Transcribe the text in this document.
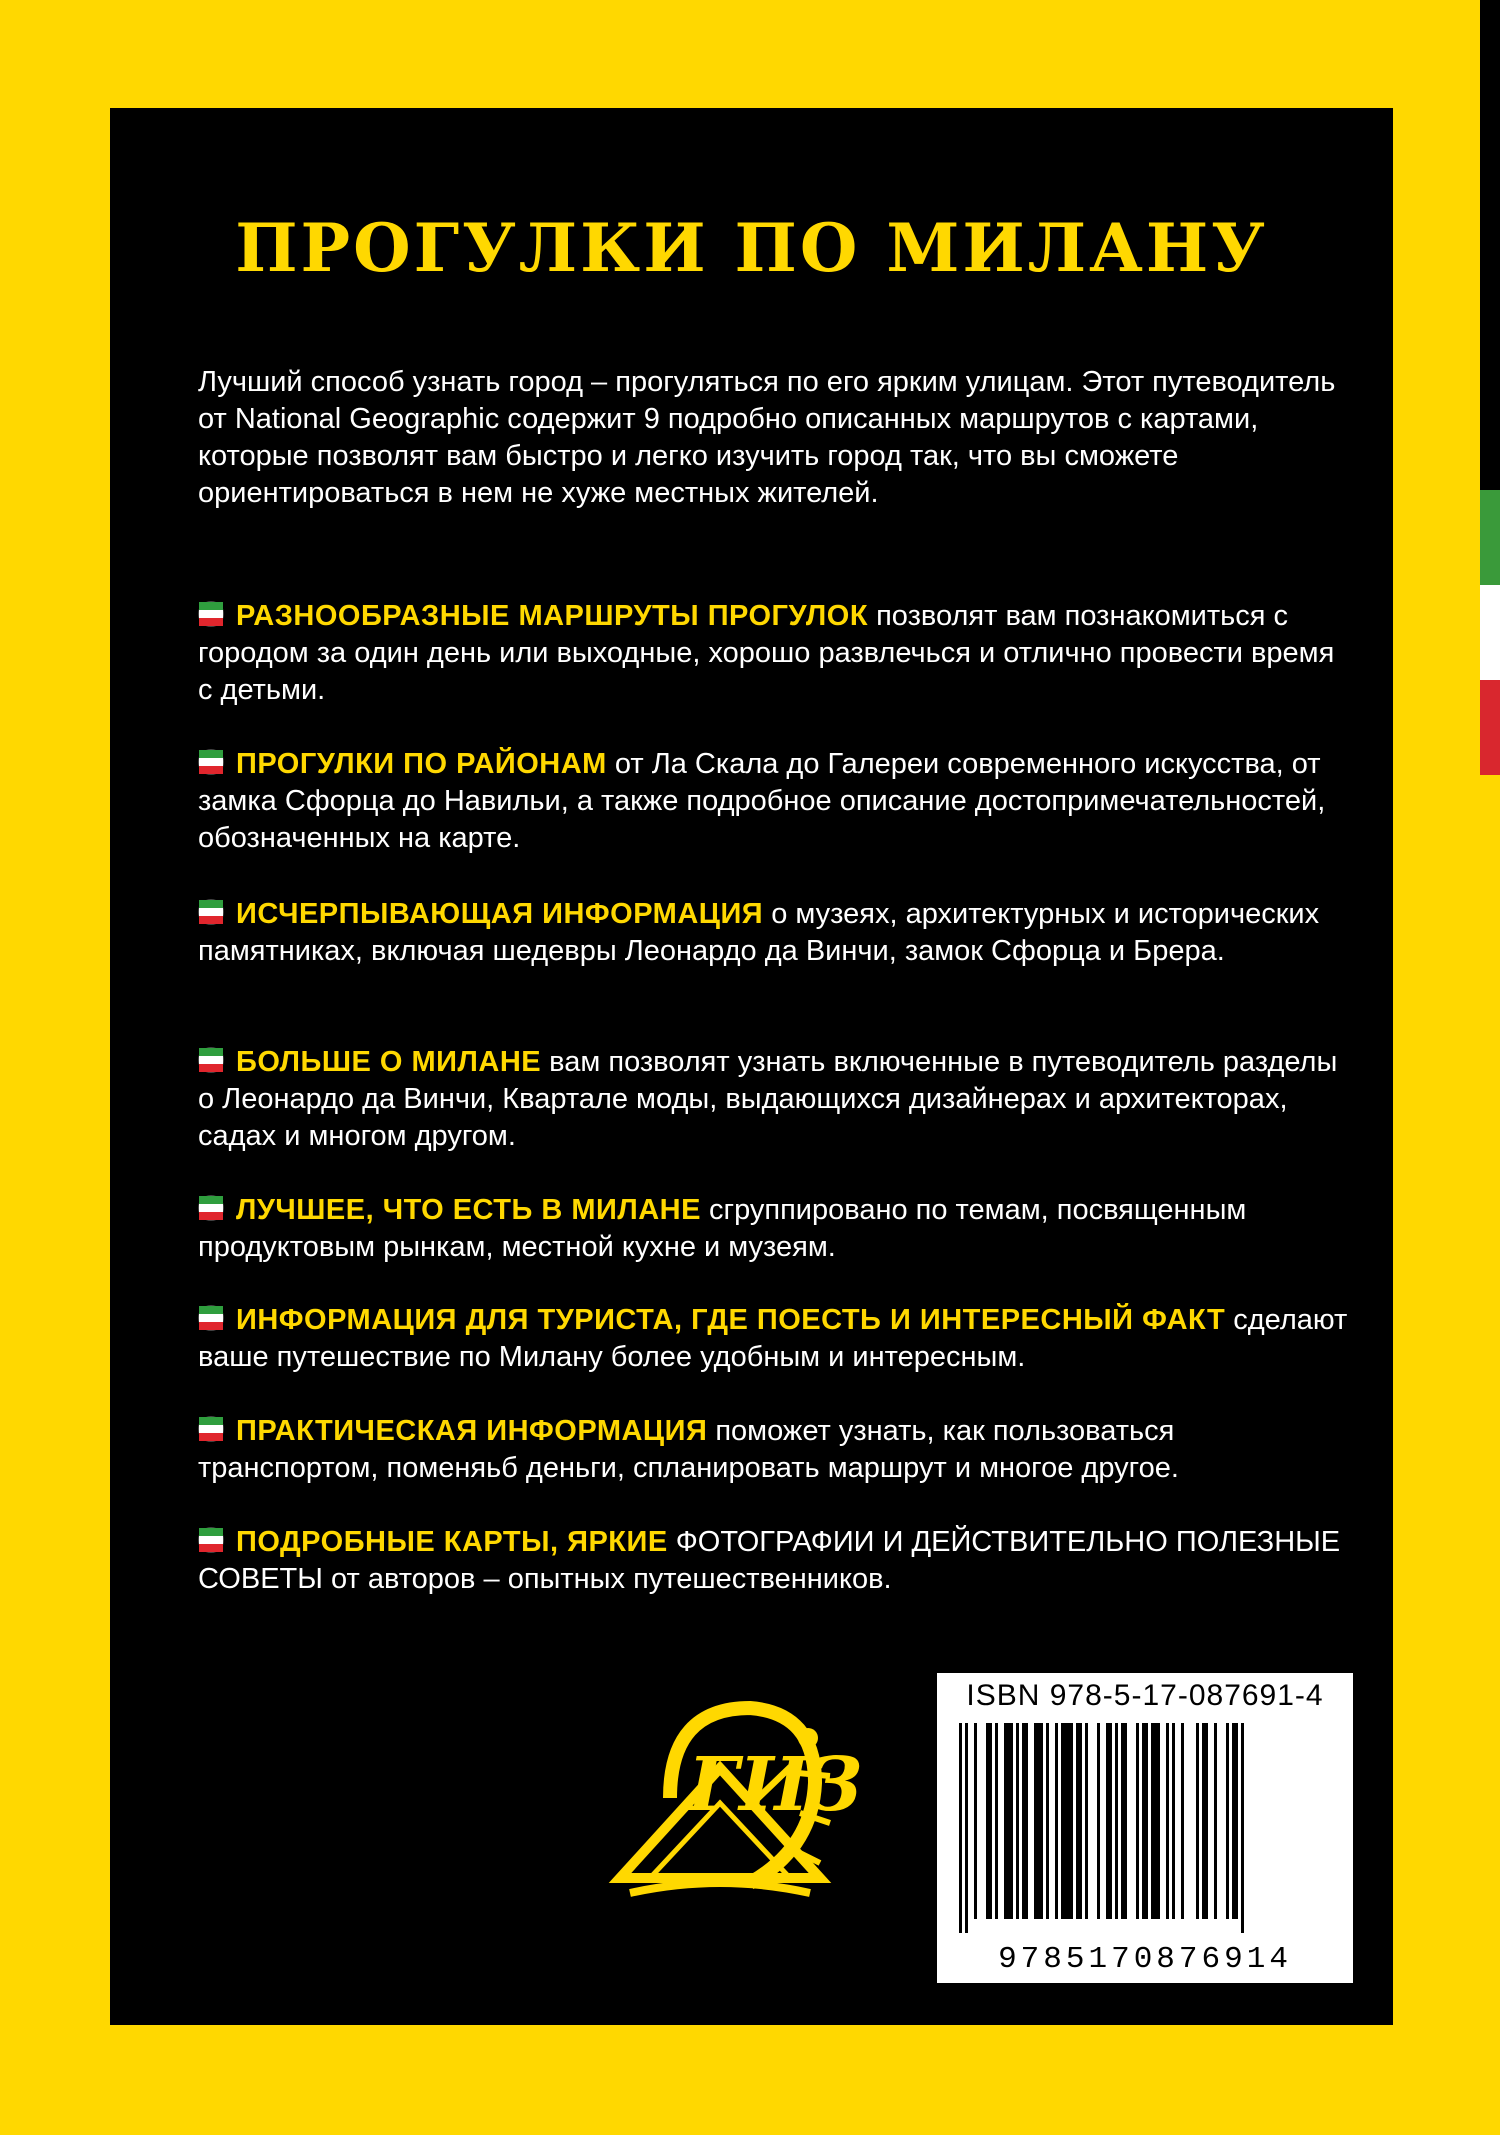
ПРОГУЛКИ ПО МИЛАНУ

Лучший способ узнать город – прогуляться по его ярким улицам. Этот путеводитель от National Geographic содержит 9 подробно описанных маршрутов с картами, которые позволят вам быстро и легко изучить город так, что вы сможете ориентироваться в нем не хуже местных жителей.

РАЗНООБРАЗНЫЕ МАРШРУТЫ ПРОГУЛОК позволят вам познакомиться с городом за один день или выходные, хорошо развлечься и отлично провести время с детьми.

ПРОГУЛКИ ПО РАЙОНАМ от Ла Скала до Галереи современного искусства, от замка Сфорца до Навильи, а также подробное описание достопримечательностей, обозначенных на карте.

ИСЧЕРПЫВАЮЩАЯ ИНФОРМАЦИЯ о музеях, архитектурных и исторических памятниках, включая шедевры Леонардо да Винчи, замок Сфорца и Брера.

БОЛЬШЕ О МИЛАНЕ вам позволят узнать включенные в путеводитель разделы о Леонардо да Винчи, Квартале моды, выдающихся дизайнерах и архитекторах, садах и многом другом.

ЛУЧШЕЕ, ЧТО ЕСТЬ В МИЛАНЕ сгруппировано по темам, посвященным продуктовым рынкам, местной кухне и музеям.

ИНФОРМАЦИЯ ДЛЯ ТУРИСТА, ГДЕ ПОЕСТЬ И ИНТЕРЕСНЫЙ ФАКТ сделают ваше путешествие по Милану более удобным и интересным.

ПРАКТИЧЕСКАЯ ИНФОРМАЦИЯ поможет узнать, как пользоваться транспортом, поменяьб деньги, спланировать маршрут и многое другое.

ПОДРОБНЫЕ КАРТЫ, ЯРКИЕ ФОТОГРАФИИ И ДЕЙСТВИТЕЛЬНО ПОЛЕЗНЫЕ СОВЕТЫ от авторов – опытных путешественников.

ГИЗ
ISBN 978-5-17-087691-4
9785170876914
